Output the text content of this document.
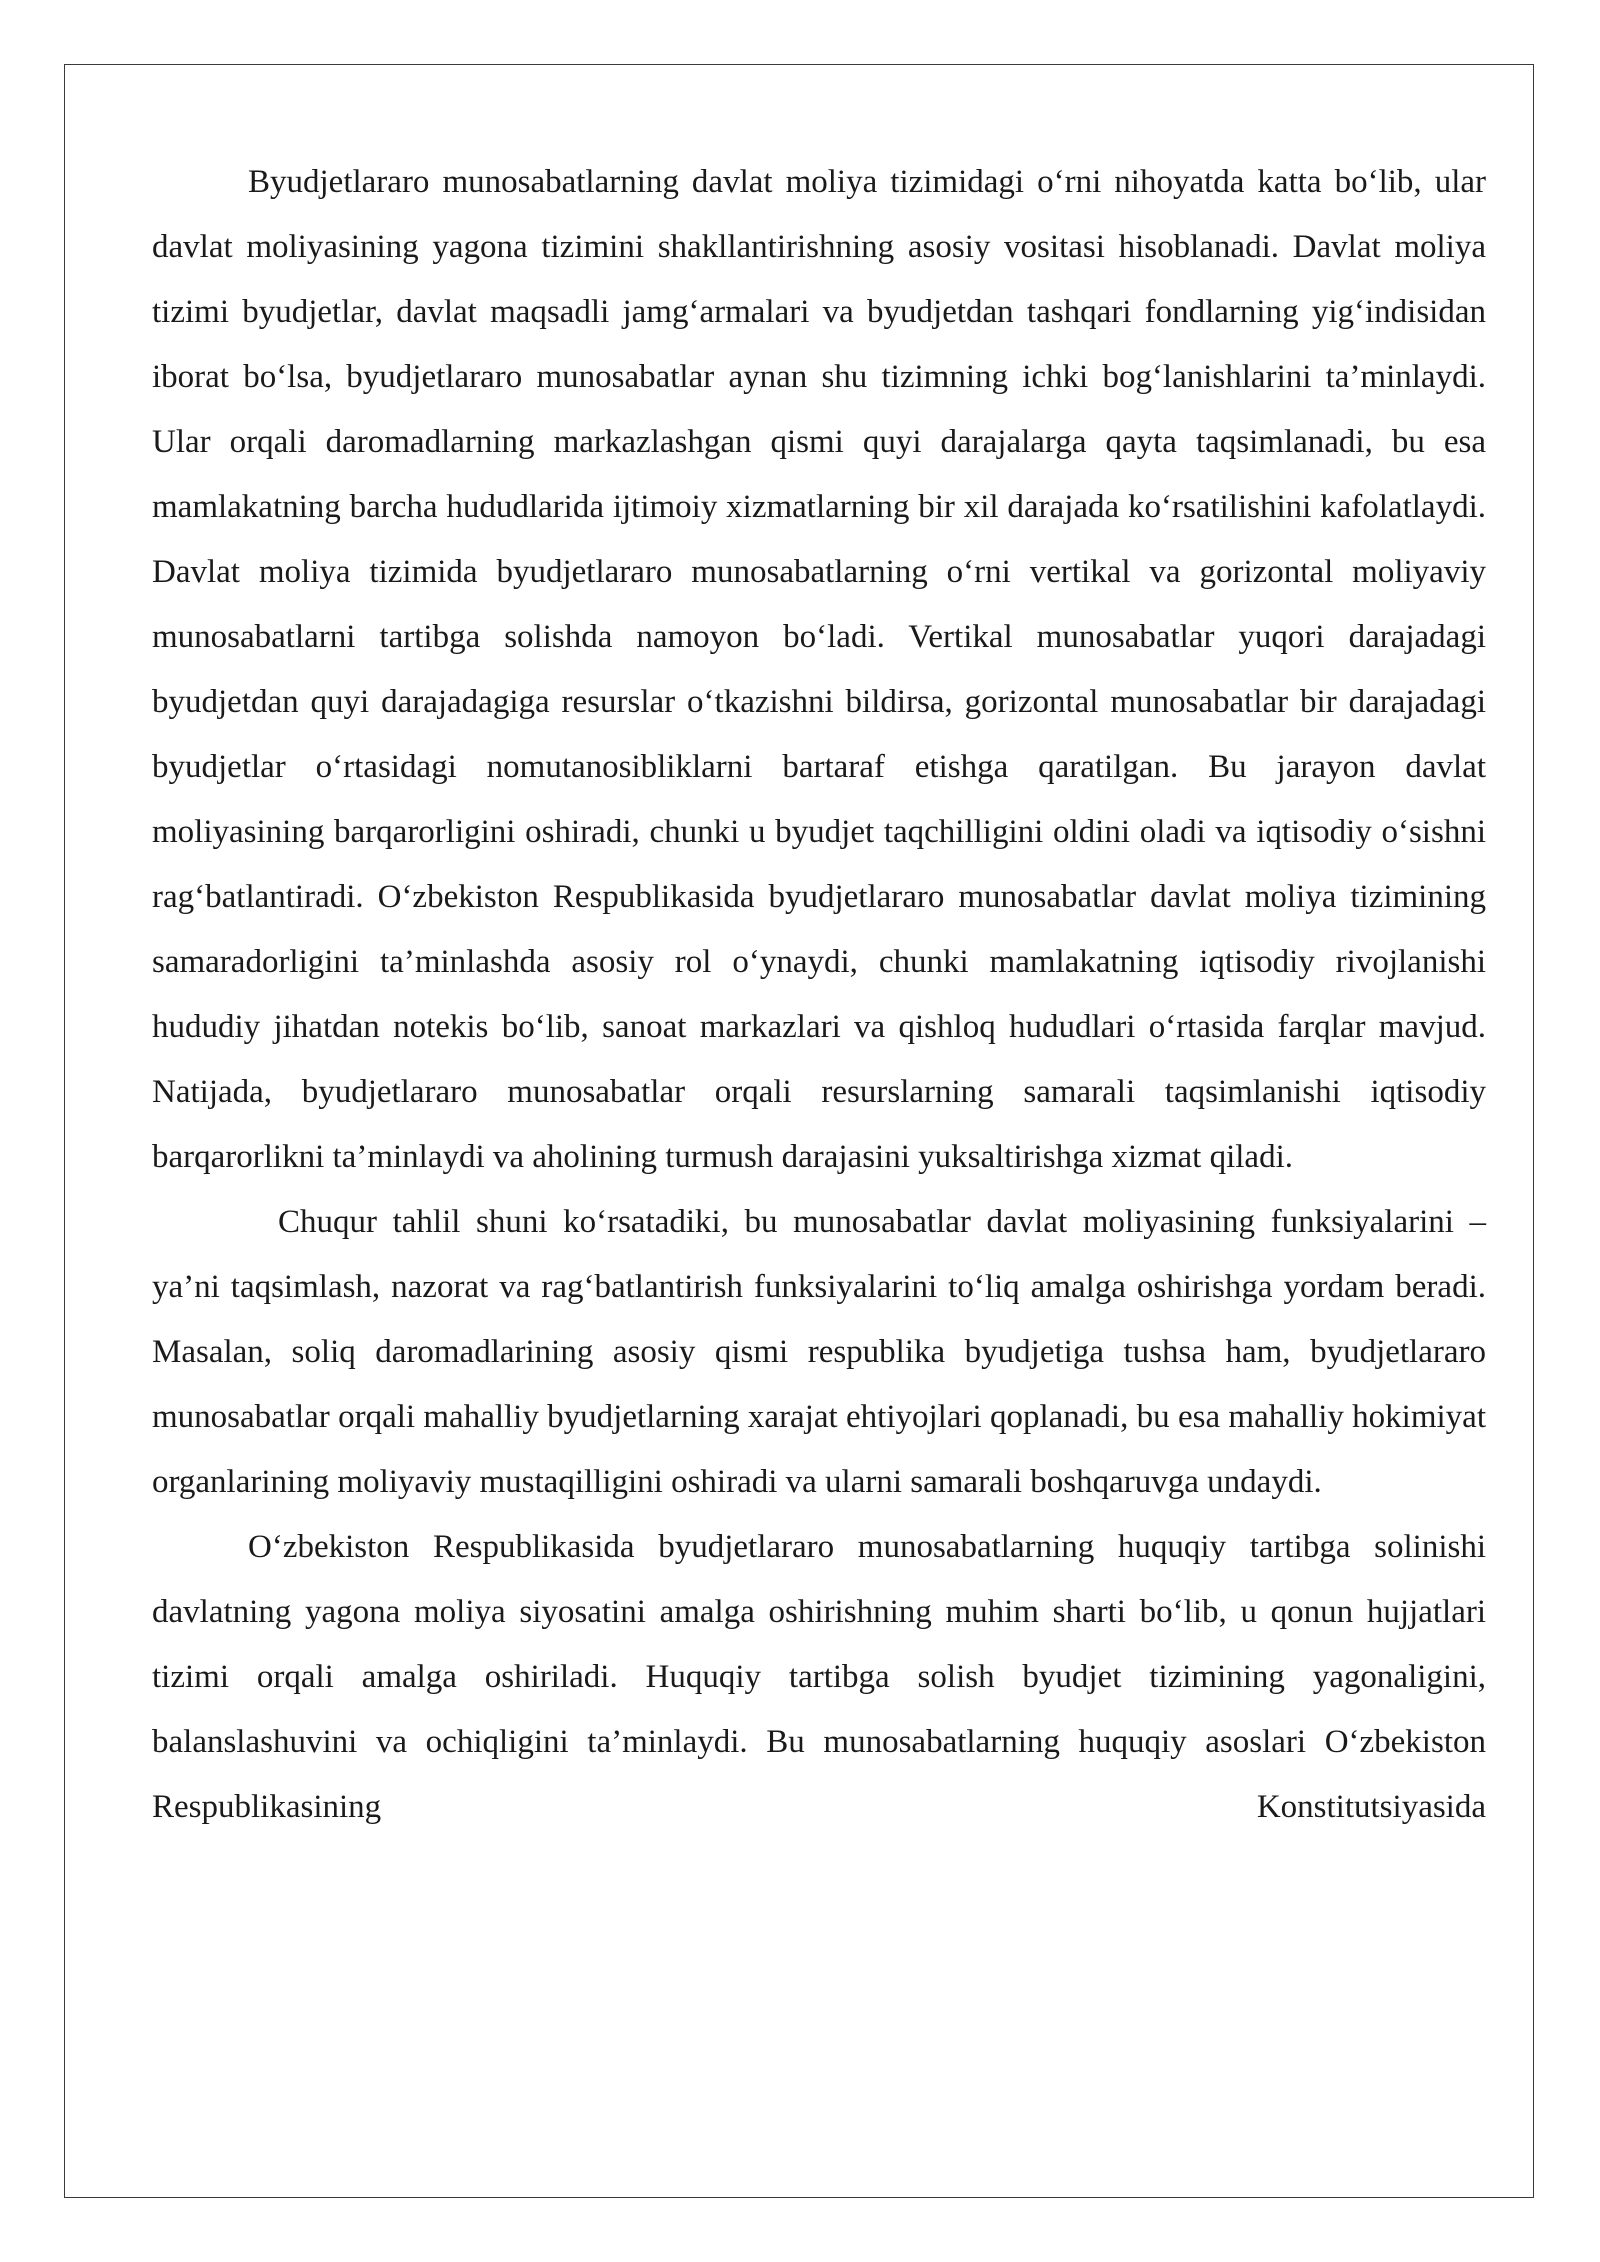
Byudjetlararo munosabatlarning davlat moliya tizimidagi o‘rni nihoyatda katta bo‘lib, ular davlat moliyasining yagona tizimini shakllantirishning asosiy vositasi hisoblanadi. Davlat moliya tizimi byudjetlar, davlat maqsadli jamg‘armalari va byudjetdan tashqari fondlarning yig‘indisidan iborat bo‘lsa, byudjetlararo munosabatlar aynan shu tizimning ichki bog‘lanishlarini ta’minlaydi. Ular orqali daromadlarning markazlashgan qismi quyi darajalarga qayta taqsimlanadi, bu esa mamlakatning barcha hududlarida ijtimoiy xizmatlarning bir xil darajada ko‘rsatilishini kafolatlaydi. Davlat moliya tizimida byudjetlararo munosabatlarning o‘rni vertikal va gorizontal moliyaviy munosabatlarni tartibga solishda namoyon bo‘ladi. Vertikal munosabatlar yuqori darajadagi byudjetdan quyi darajadagiga resurslar o‘tkazishni bildirsa, gorizontal munosabatlar bir darajadagi byudjetlar o‘rtasidagi nomutanosibliklarni bartaraf etishga qaratilgan. Bu jarayon davlat moliyasining barqarorligini oshiradi, chunki u byudjet taqchilligini oldini oladi va iqtisodiy o‘sishni rag‘batlantiradi. O‘zbekiston Respublikasida byudjetlararo munosabatlar davlat moliya tizimining samaradorligini ta’minlashda asosiy rol o‘ynaydi, chunki mamlakatning iqtisodiy rivojlanishi hududiy jihatdan notekis bo‘lib, sanoat markazlari va qishloq hududlari o‘rtasida farqlar mavjud. Natijada, byudjetlararo munosabatlar orqali resurslarning samarali taqsimlanishi iqtisodiy barqarorlikni ta’minlaydi va aholining turmush darajasini yuksaltirishga xizmat qiladi.

Chuqur tahlil shuni ko‘rsatadiki, bu munosabatlar davlat moliyasining funksiyalarini – ya’ni taqsimlash, nazorat va rag‘batlantirish funksiyalarini to‘liq amalga oshirishga yordam beradi. Masalan, soliq daromadlarining asosiy qismi respublika byudjetiga tushsa ham, byudjetlararo munosabatlar orqali mahalliy byudjetlarning xarajat ehtiyojlari qoplanadi, bu esa mahalliy hokimiyat organlarining moliyaviy mustaqilligini oshiradi va ularni samarali boshqaruvga undaydi.

O‘zbekiston Respublikasida byudjetlararo munosabatlarning huquqiy tartibga solinishi davlatning yagona moliya siyosatini amalga oshirishning muhim sharti bo‘lib, u qonun hujjatlari tizimi orqali amalga oshiriladi. Huquqiy tartibga solish byudjet tizimining yagonaligini, balanslashuvini va ochiqligini ta’minlaydi. Bu munosabatlarning huquqiy asoslari O‘zbekiston Respublikasining Konstitutsiyasida
